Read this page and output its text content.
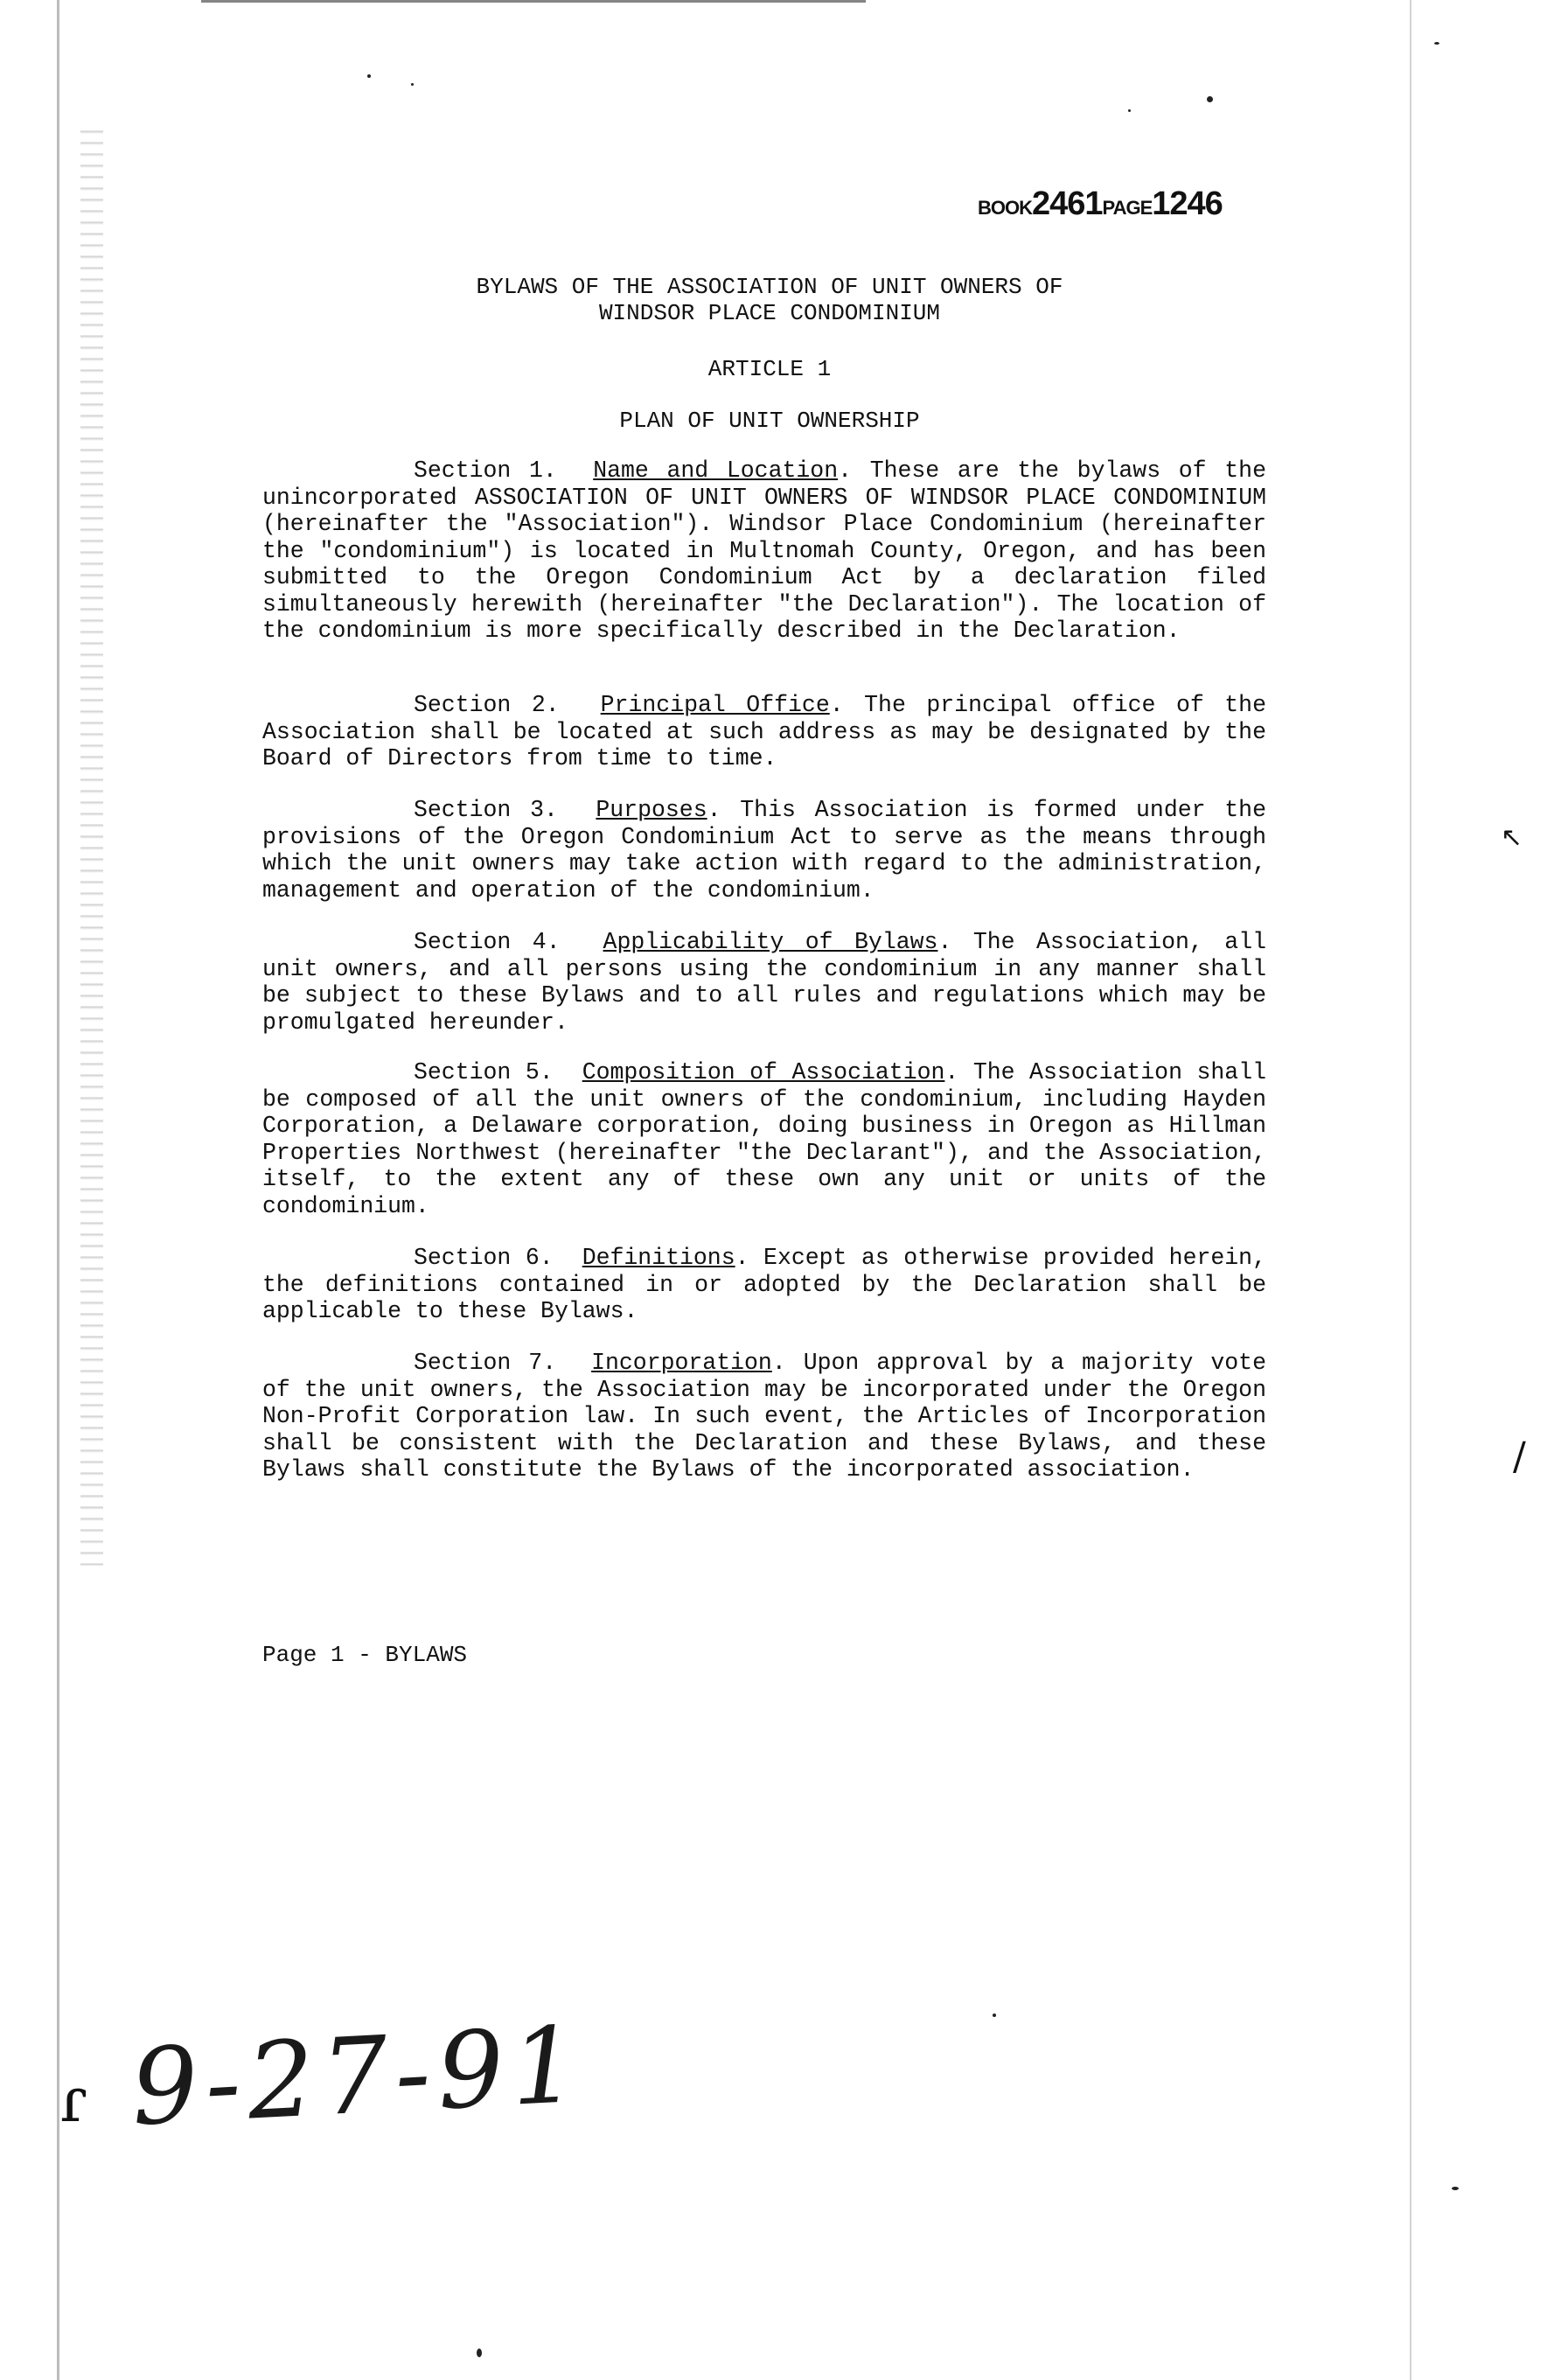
↖
/
BOOK2461PAGE1246
BYLAWS OF THE ASSOCIATION OF UNIT OWNERS OF
WINDSOR PLACE CONDOMINIUM
ARTICLE 1
PLAN OF UNIT OWNERSHIP

Section 1. Name and Location. These are the bylaws of the unincorporated ASSOCIATION OF UNIT OWNERS OF WINDSOR PLACE CONDOMINIUM (hereinafter the "Association"). Windsor Place Condominium (hereinafter the "condominium") is located in Multnomah County, Oregon, and has been submitted to the Oregon Condominium Act by a declaration filed simultaneously herewith (hereinafter "the Declaration"). The location of the condominium is more specifically described in the Declaration.

Section 2. Principal Office. The principal office of the Association shall be located at such address as may be designated by the Board of Directors from time to time.

Section 3. Purposes. This Association is formed under the provisions of the Oregon Condominium Act to serve as the means through which the unit owners may take action with regard to the administration, management and operation of the condominium.

Section 4. Applicability of Bylaws. The Association, all unit owners, and all persons using the condominium in any manner shall be subject to these Bylaws and to all rules and regulations which may be promulgated hereunder.

Section 5. Composition of Association. The Association shall be composed of all the unit owners of the condominium, including Hayden Corporation, a Delaware corporation, doing business in Oregon as Hillman Properties Northwest (hereinafter "the Declarant"), and the Association, itself, to the extent any of these own any unit or units of the condominium.

Section 6. Definitions. Except as otherwise provided herein, the definitions contained in or adopted by the Declaration shall be applicable to these Bylaws.

Section 7. Incorporation. Upon approval by a majority vote of the unit owners, the Association may be incorporated under the Oregon Non-Profit Corporation law. In such event, the Articles of Incorporation shall be consistent with the Declaration and these Bylaws, and these Bylaws shall constitute the Bylaws of the incorporated association.

Page 1 - BYLAWS
ɾ 9-27-91
